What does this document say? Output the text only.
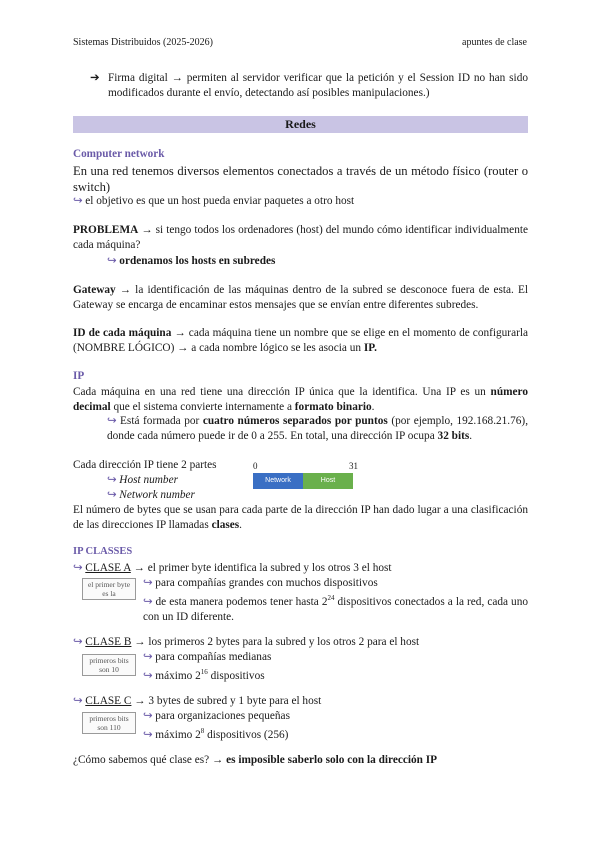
Sistemas Distribuidos (2025-2026)	apuntes de clase
➔ Firma digital → permiten al servidor verificar que la petición y el Session ID no han sido modificados durante el envío, detectando así posibles manipulaciones.)
Redes
Computer network
En una red tenemos diversos elementos conectados a través de un método físico (router o switch)
↪ el objetivo es que un host pueda enviar paquetes a otro host
PROBLEMA → si tengo todos los ordenadores (host) del mundo cómo identificar individualmente cada máquina?
↪ ordenamos los hosts en subredes
Gateway → la identificación de las máquinas dentro de la subred se desconoce fuera de esta. El Gateway se encarga de encaminar estos mensajes que se envían entre diferentes subredes.
ID de cada máquina → cada máquina tiene un nombre que se elige en el momento de configurarla (NOMBRE LÓGICO) → a cada nombre lógico se les asocia un IP.
IP
Cada máquina en una red tiene una dirección IP única que la identifica. Una IP es un número decimal que el sistema convierte internamente a formato binario.
↪ Está formada por cuatro números separados por puntos (por ejemplo, 192.168.21.76), donde cada número puede ir de 0 a 255. En total, una dirección IP ocupa 32 bits.
Cada dirección IP tiene 2 partes
↪ Host number
↪ Network number
0	31
Network	Host
El número de bytes que se usan para cada parte de la dirección IP han dado lugar a una clasificación de las direcciones IP llamadas clases.
IP CLASSES
↪ CLASE A → el primer byte identifica la subred y los otros 3 el host
el primer byte es la
↪ para compañías grandes con muchos dispositivos
↪ de esta manera podemos tener hasta $2^{24}$ dispositivos conectados a la red, cada uno con un ID diferente.
↪ CLASE B → los primeros 2 bytes para la subred y los otros 2 para el host
primeros bits son 10
↪ para compañías medianas
↪ máximo $2^{16}$ dispositivos
↪ CLASE C → 3 bytes de subred y 1 byte para el host
primeros bits son 110
↪ para organizaciones pequeñas
↪ máximo $2^8$ dispositivos (256)
¿Cómo sabemos qué clase es? → es imposible saberlo solo con la dirección IP
